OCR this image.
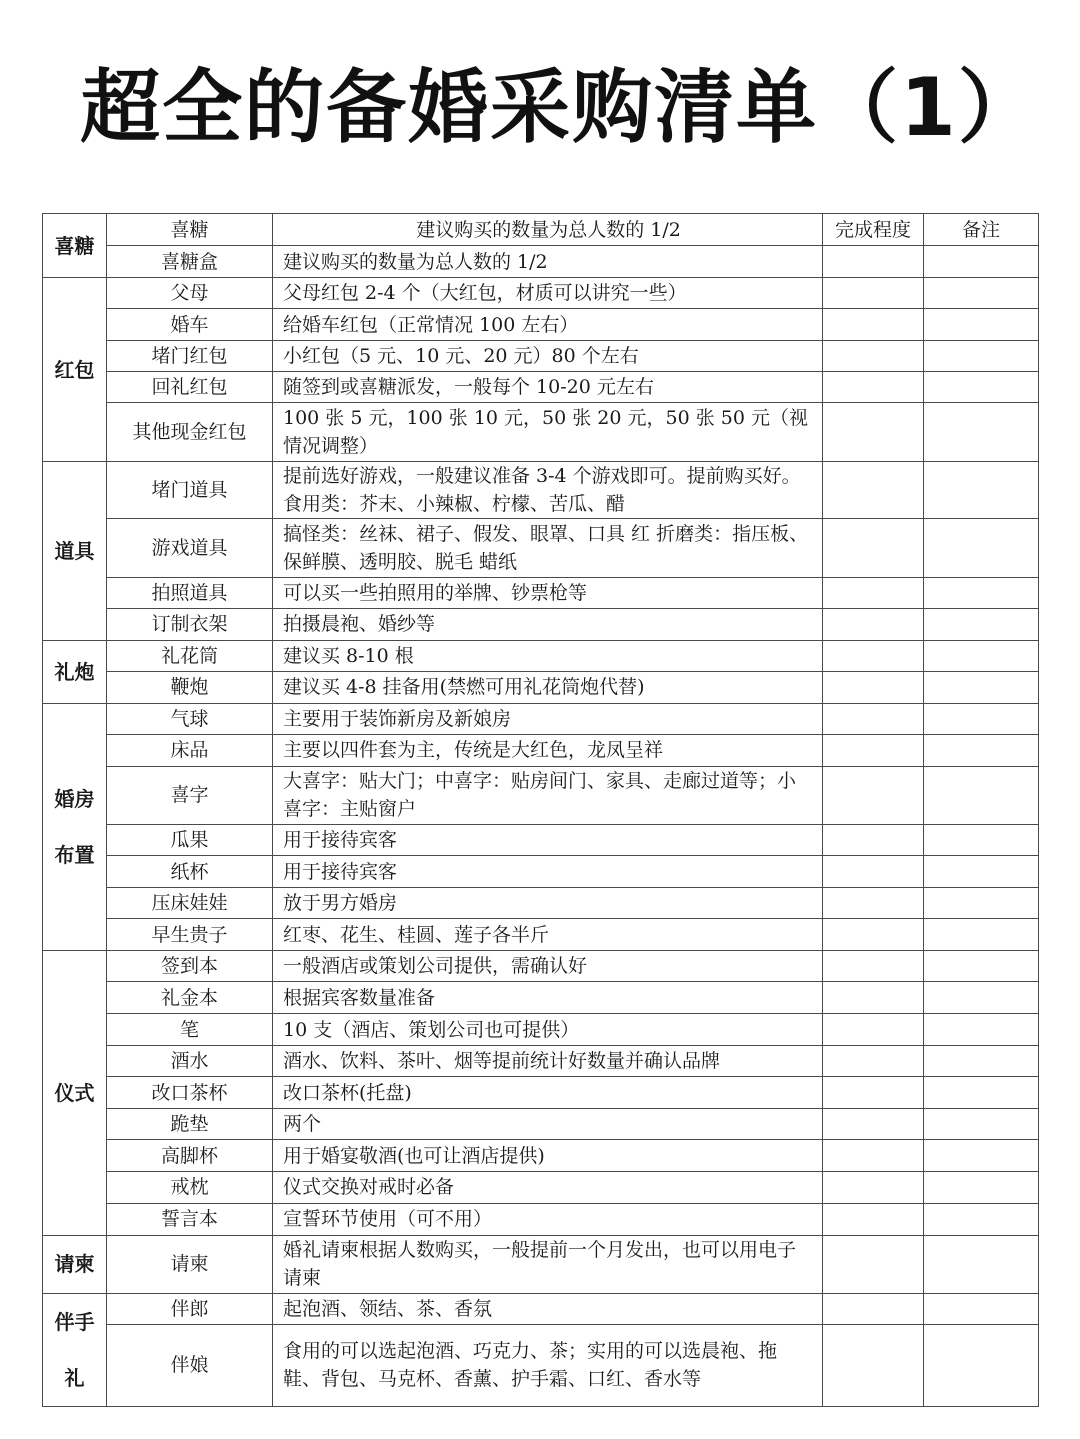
超全的备婚采购清单（1）
喜糖	喜糖	建议购买的数量为总人数的 1/2	完成程度	备注
	喜糖盒	建议购买的数量为总人数的 1/2		
红包	父母	父母红包 2-4 个（大红包，材质可以讲究一些）		
	婚车	给婚车红包（正常情况 100 左右）		
	堵门红包	小红包（5 元、10 元、20 元）80 个左右		
	回礼红包	随签到或喜糖派发，一般每个 10-20 元左右		
	其他现金红包	100 张 5 元，100 张 10 元，50 张 20 元，50 张 50 元（视情况调整）		
道具	堵门道具	提前选好游戏，一般建议准备 3-4 个游戏即可。提前购买好。食用类：芥末、小辣椒、柠檬、苦瓜、醋		
	游戏道具	搞怪类：丝袜、裙子、假发、眼罩、口具 红 折磨类：指压板、保鲜膜、透明胶、脱毛 蜡纸		
	拍照道具	可以买一些拍照用的举牌、钞票枪等		
	订制衣架	拍摄晨袍、婚纱等		
礼炮	礼花筒	建议买 8-10 根		
	鞭炮	建议买 4-8 挂备用(禁燃可用礼花筒炮代替)		
婚房布置	气球	主要用于装饰新房及新娘房		
	床品	主要以四件套为主，传统是大红色，龙凤呈祥		
	喜字	大喜字：贴大门；中喜字：贴房间门、家具、走廊过道等；小喜字：主贴窗户		
	瓜果	用于接待宾客		
	纸杯	用于接待宾客		
	压床娃娃	放于男方婚房		
	早生贵子	红枣、花生、桂圆、莲子各半斤		
仪式	签到本	一般酒店或策划公司提供，需确认好		
	礼金本	根据宾客数量准备		
	笔	10 支（酒店、策划公司也可提供）		
	酒水	酒水、饮料、茶叶、烟等提前统计好数量并确认品牌		
	改口茶杯	改口茶杯(托盘)		
	跪垫	两个		
	高脚杯	用于婚宴敬酒(也可让酒店提供)		
	戒枕	仪式交换对戒时必备		
	誓言本	宣誓环节使用（可不用）		
请柬	请柬	婚礼请柬根据人数购买，一般提前一个月发出，也可以用电子请柬		
伴手礼	伴郎	起泡酒、领结、茶、香氛		
	伴娘	食用的可以选起泡酒、巧克力、茶；实用的可以选晨袍、拖鞋、背包、马克杯、香薰、护手霜、口红、香水等		
